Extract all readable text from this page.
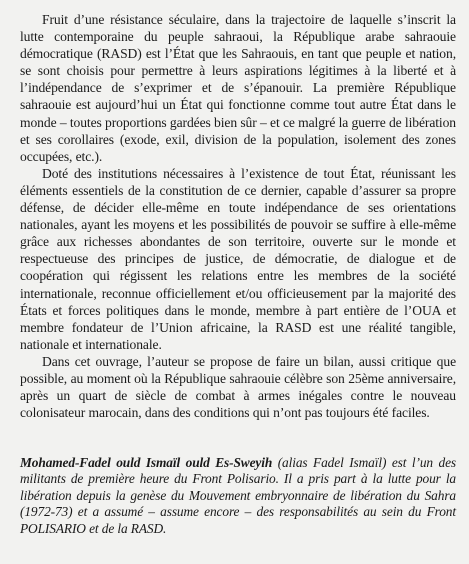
Fruit d’une résistance séculaire, dans la trajectoire de laquelle s’inscrit la lutte contemporaine du peuple sahraoui, la République arabe sahraouie démocratique (RASD) est l’État que les Sahraouis, en tant que peuple et nation, se sont choisis pour permettre à leurs aspirations légitimes à la liberté et à l’indépendance de s’exprimer et de s’épanouir. La première République sahraouie est aujourd’hui un État qui fonctionne comme tout autre État dans le monde – toutes proportions gardées bien sûr – et ce malgré la guerre de libération et ses corollaires (exode, exil, division de la population, isolement des zones occupées, etc.).

Doté des institutions nécessaires à l’existence de tout État, réunissant les éléments essentiels de la constitution de ce dernier, capable d’assurer sa propre défense, de décider elle-même en toute indépendance de ses orientations nationales, ayant les moyens et les possibilités de pouvoir se suffire à elle-même grâce aux richesses abondantes de son territoire, ouverte sur le monde et respectueuse des principes de justice, de démocratie, de dialogue et de coopération qui régissent les relations entre les membres de la société internationale, reconnue officiellement et/ou officieusement par la majorité des États et forces politiques dans le monde, membre à part entière de l’OUA et membre fondateur de l’Union africaine, la RASD est une réalité tangible, nationale et internationale.

Dans cet ouvrage, l’auteur se propose de faire un bilan, aussi critique que possible, au moment où la République sahraouie célèbre son 25ème anniversaire, après un quart de siècle de combat à armes inégales contre le nouveau colonisateur marocain, dans des conditions qui n’ont pas toujours été faciles.

Mohamed-Fadel ould Ismaïl ould Es-Sweyih (alias Fadel Ismaïl) est l’un des militants de première heure du Front Polisario. Il a pris part à la lutte pour la libération depuis la genèse du Mouvement embryonnaire de libération du Sahra (1972-73) et a assumé – assume encore – des responsabilités au sein du Front POLISARIO et de la RASD.
